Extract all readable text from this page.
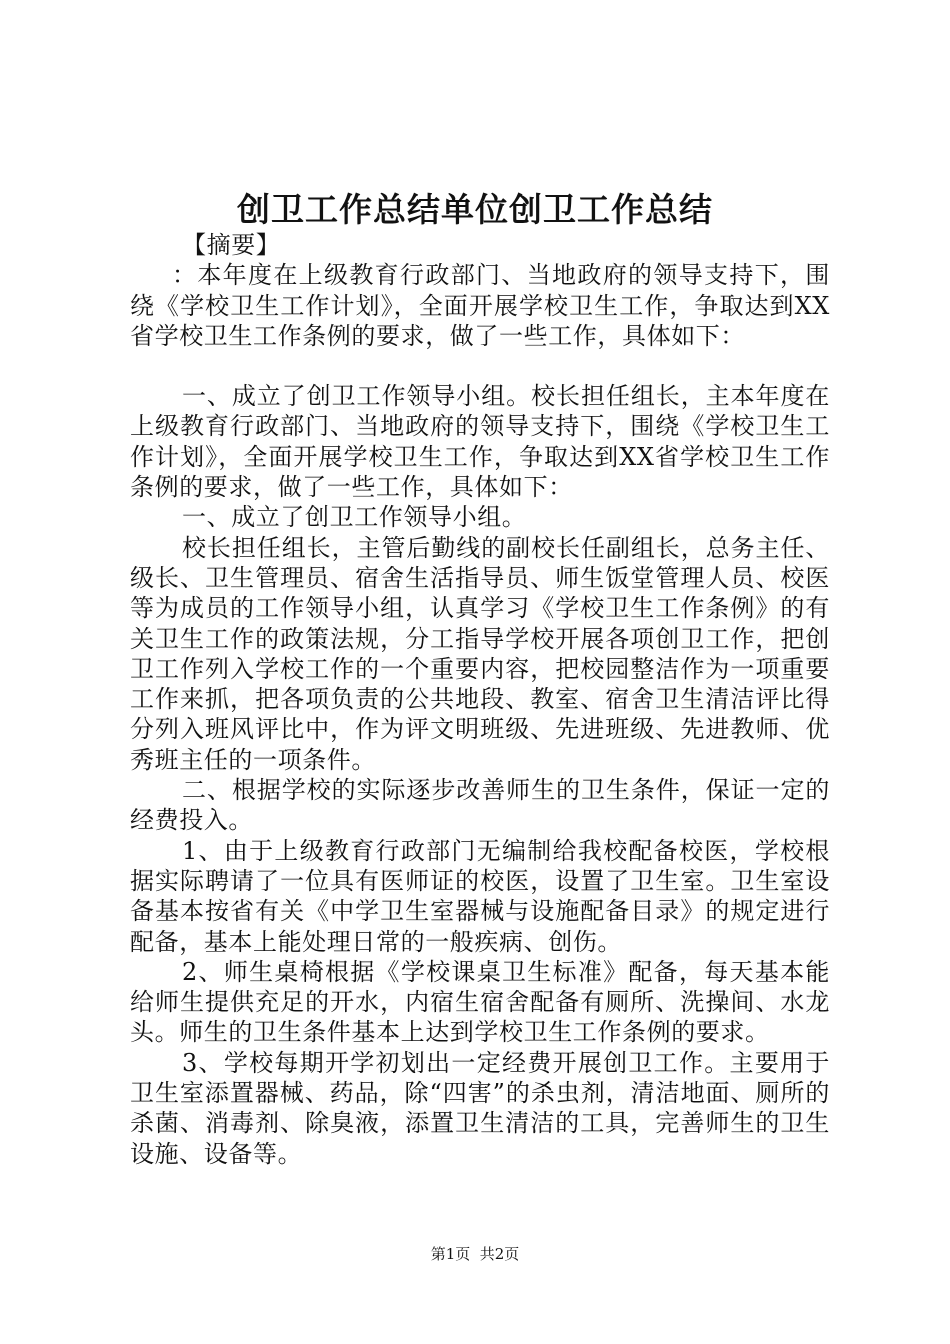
创卫工作总结单位创卫工作总结

【摘要】

：本年度在上级教育行政部门、当地政府的领导支持下，围绕《学校卫生工作计划》，全面开展学校卫生工作，争取达到XX省学校卫生工作条例的要求，做了一些工作，具体如下：

一、成立了创卫工作领导小组。校长担任组长，主本年度在上级教育行政部门、当地政府的领导支持下，围绕《学校卫生工作计划》，全面开展学校卫生工作，争取达到XX省学校卫生工作条例的要求，做了一些工作，具体如下：

一、成立了创卫工作领导小组。

校长担任组长，主管后勤线的副校长任副组长，总务主任、级长、卫生管理员、宿舍生活指导员、师生饭堂管理人员、校医等为成员的工作领导小组，认真学习《学校卫生工作条例》的有关卫生工作的政策法规，分工指导学校开展各项创卫工作，把创卫工作列入学校工作的一个重要内容，把校园整洁作为一项重要工作来抓，把各项负责的公共地段、教室、宿舍卫生清洁评比得分列入班风评比中，作为评文明班级、先进班级、先进教师、优秀班主任的一项条件。

二、根据学校的实际逐步改善师生的卫生条件，保证一定的经费投入。

1、由于上级教育行政部门无编制给我校配备校医，学校根据实际聘请了一位具有医师证的校医，设置了卫生室。卫生室设备基本按省有关《中学卫生室器械与设施配备目录》的规定进行配备，基本上能处理日常的一般疾病、创伤。

2、师生桌椅根据《学校课桌卫生标准》配备，每天基本能给师生提供充足的开水，内宿生宿舍配备有厕所、洗操间、水龙头。师生的卫生条件基本上达到学校卫生工作条例的要求。

3、学校每期开学初划出一定经费开展创卫工作。主要用于卫生室添置器械、药品，除“四害”的杀虫剂，清洁地面、厕所的杀菌、消毒剂、除臭液，添置卫生清洁的工具，完善师生的卫生设施、设备等。

第1页  共2页
